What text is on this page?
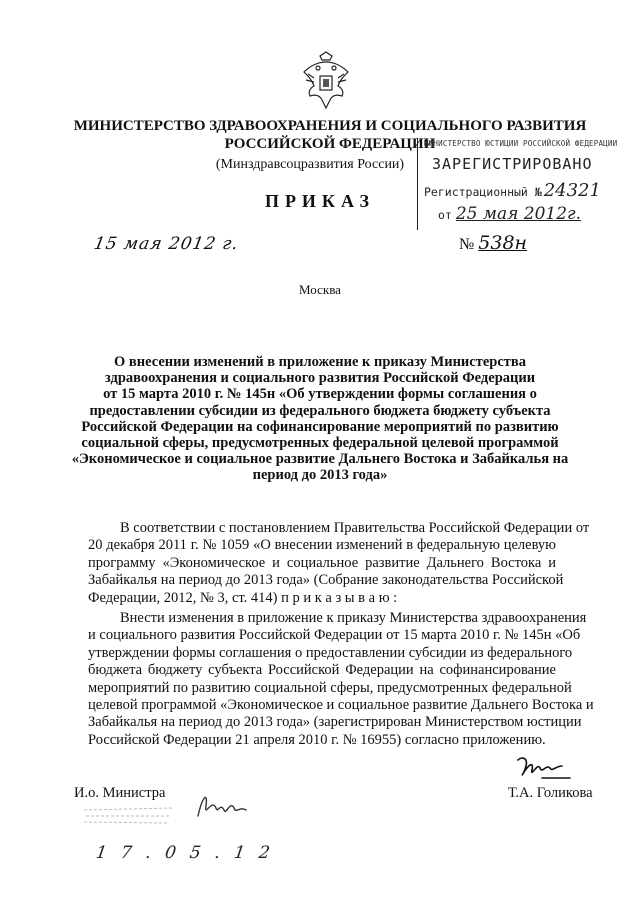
МИНИСТЕРСТВО ЗДРАВООХРАНЕНИЯ И СОЦИАЛЬНОГО РАЗВИТИЯ
РОССИЙСКОЙ ФЕДЕРАЦИИ
(Минздравсоцразвития России)
ПРИКАЗ
МИНИСТЕРСТВО ЮСТИЦИИ РОССИЙСКОЙ ФЕДЕРАЦИИ
ЗАРЕГИСТРИРОВАНО
Регистрационный № 24321
от 25 мая 2012г.
15 мая 2012 г.	№ 538н
Москва
О внесении изменений в приложение к приказу Министерства
здравоохранения и социального развития Российской Федерации
от 15 марта 2010 г. № 145н «Об утверждении формы соглашения о
предоставлении субсидии из федерального бюджета бюджету субъекта
Российской Федерации на софинансирование мероприятий по развитию
социальной сферы, предусмотренных федеральной целевой программой
«Экономическое и социальное развитие Дальнего Востока и Забайкалья на
период до 2013 года»
В соответствии с постановлением Правительства Российской Федерации от
20 декабря 2011 г. № 1059 «О внесении изменений в федеральную целевую
программу «Экономическое и социальное развитие Дальнего Востока и
Забайкалья на период до 2013 года» (Собрание законодательства Российской
Федерации, 2012, № 3, ст. 414) п р и к а з ы в а ю :
Внести изменения в приложение к приказу Министерства здравоохранения
и социального развития Российской Федерации от 15 марта 2010 г. № 145н «Об
утверждении формы соглашения о предоставлении субсидии из федерального
бюджета бюджету субъекта Российской Федерации на софинансирование
мероприятий по развитию социальной сферы, предусмотренных федеральной
целевой программой «Экономическое и социальное развитие Дальнего Востока и
Забайкалья на период до 2013 года» (зарегистрирован Министерством юстиции
Российской Федерации 21 апреля 2010 г. № 16955) согласно приложению.
И.о. Министра	Т.А. Голикова
17.05.12
